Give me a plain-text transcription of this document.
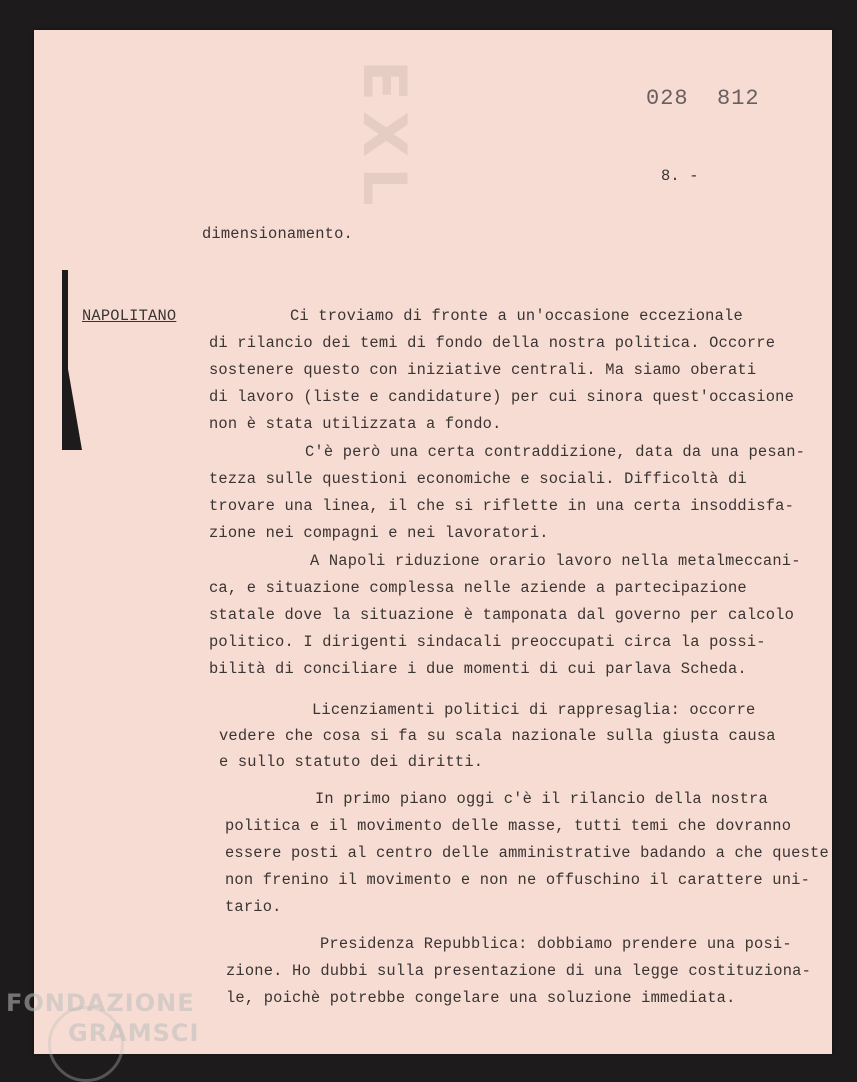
EXL	028  812
8. -
dimensionamento.
NAPOLITANO	Ci troviamo di fronte a un'occasione eccezionale
di rilancio dei temi di fondo della nostra politica. Occorre
sostenere questo con iniziative centrali. Ma siamo oberati
di lavoro (liste e candidature) per cui sinora quest'occasione
non è stata utilizzata a fondo.
C'è però una certa contraddizione, data da una pesan-
tezza sulle questioni economiche e sociali. Difficoltà di
trovare una linea, il che si riflette in una certa insoddisfa-
zione nei compagni e nei lavoratori.
A Napoli riduzione orario lavoro nella metalmeccani-
ca, e situazione complessa nelle aziende a partecipazione
statale dove la situazione è tamponata dal governo per calcolo
politico. I dirigenti sindacali preoccupati circa la possi-
bilità di conciliare i due momenti di cui parlava Scheda.
Licenziamenti politici di rappresaglia: occorre
vedere che cosa si fa su scala nazionale sulla giusta causa
e sullo statuto dei diritti.
In primo piano oggi c'è il rilancio della nostra
politica e il movimento delle masse, tutti temi che dovranno
essere posti al centro delle amministrative badando a che queste
non frenino il movimento e non ne offuschino il carattere uni-
tario.
Presidenza Repubblica: dobbiamo prendere una posi-
zione. Ho dubbi sulla presentazione di una legge costituziona-
le, poichè potrebbe congelare una soluzione immediata.
FONDAZIONE
GRAMSCI
